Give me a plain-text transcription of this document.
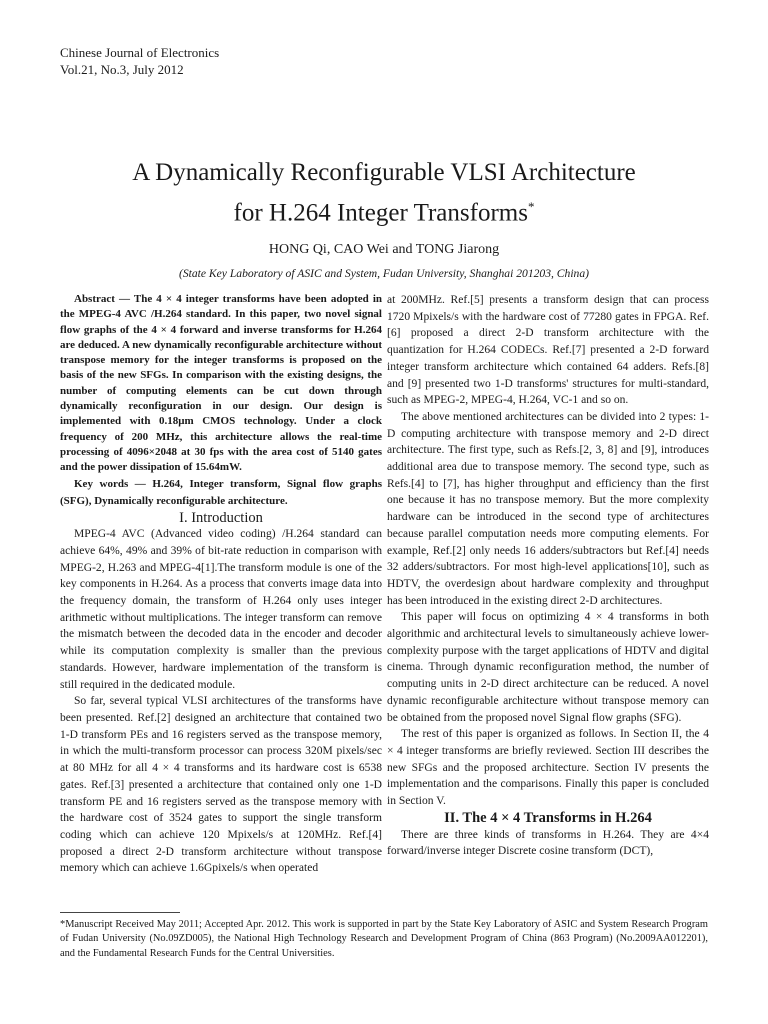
Chinese Journal of Electronics
Vol.21, No.3, July 2012
A Dynamically Reconfigurable VLSI Architecture
for H.264 Integer Transforms*
HONG Qi, CAO Wei and TONG Jiarong
(State Key Laboratory of ASIC and System, Fudan University, Shanghai 201203, China)

Abstract — The 4 × 4 integer transforms have been adopted in the MPEG-4 AVC /H.264 standard. In this paper, two novel signal flow graphs of the 4 × 4 forward and inverse transforms for H.264 are deduced. A new dynamically reconfigurable architecture without transpose memory for the integer transforms is proposed on the basis of the new SFGs. In comparison with the existing designs, the number of computing elements can be cut down through dynamically reconfiguration in our design. Our design is implemented with 0.18μm CMOS technology. Under a clock frequency of 200 MHz, this architecture allows the real-time processing of 4096×2048 at 30 fps with the area cost of 5140 gates and the power dissipation of 15.64mW.

Key words — H.264, Integer transform, Signal flow graphs (SFG), Dynamically reconfigurable architecture.

I. Introduction

MPEG-4 AVC (Advanced video coding) /H.264 standard can achieve 64%, 49% and 39% of bit-rate reduction in comparison with MPEG-2, H.263 and MPEG-4[1].The transform module is one of the key components in H.264. As a process that converts image data into the frequency domain, the transform of H.264 only uses integer arithmetic without multiplications. The integer transform can remove the mismatch between the decoded data in the encoder and decoder while its computation complexity is smaller than the previous standards. However, hardware implementation of the transform is still required in the dedicated module.

So far, several typical VLSI architectures of the transforms have been presented. Ref.[2] designed an architecture that contained two 1-D transform PEs and 16 registers served as the transpose memory, in which the multi-transform processor can process 320M pixels/sec at 80 MHz for all 4 × 4 transforms and its hardware cost is 6538 gates. Ref.[3] presented a architecture that contained only one 1-D transform PE and 16 registers served as the transpose memory with the hardware cost of 3524 gates to support the single transform coding which can achieve 120 Mpixels/s at 120MHz. Ref.[4] proposed a direct 2-D transform architecture without transpose memory which can achieve 1.6Gpixels/s when operated

at 200MHz. Ref.[5] presents a transform design that can process 1720 Mpixels/s with the hardware cost of 77280 gates in FPGA. Ref.[6] proposed a direct 2-D transform architecture with the quantization for H.264 CODECs. Ref.[7] presented a 2-D forward integer transform architecture which contained 64 adders. Refs.[8] and [9] presented two 1-D transforms' structures for multi-standard, such as MPEG-2, MPEG-4, H.264, VC-1 and so on.

The above mentioned architectures can be divided into 2 types: 1-D computing architecture with transpose memory and 2-D direct architecture. The first type, such as Refs.[2, 3, 8] and [9], introduces additional area due to transpose memory. The second type, such as Refs.[4] to [7], has higher throughput and efficiency than the first one because it has no transpose memory. But the more complexity hardware can be introduced in the second type of architectures because parallel computation needs more computing elements. For example, Ref.[2] only needs 16 adders/subtractors but Ref.[4] needs 32 adders/subtractors. For most high-level applications[10], such as HDTV, the overdesign about hardware complexity and throughput has been introduced in the existing direct 2-D architectures.

This paper will focus on optimizing 4 × 4 transforms in both algorithmic and architectural levels to simultaneously achieve lower-complexity purpose with the target applications of HDTV and digital cinema. Through dynamic reconfiguration method, the number of computing units in 2-D direct architecture can be reduced. A novel dynamic reconfigurable architecture without transpose memory can be obtained from the proposed novel Signal flow graphs (SFG).

The rest of this paper is organized as follows. In Section II, the 4 × 4 integer transforms are briefly reviewed. Section III describes the new SFGs and the proposed architecture. Section IV presents the implementation and the comparisons. Finally this paper is concluded in Section V.

II. The 4 × 4 Transforms in H.264

There are three kinds of transforms in H.264. They are 4×4 forward/inverse integer Discrete cosine transform (DCT),

*Manuscript Received May 2011; Accepted Apr. 2012. This work is supported in part by the State Key Laboratory of ASIC and System Research Program of Fudan University (No.09ZD005), the National High Technology Research and Development Program of China (863 Program) (No.2009AA012201), and the Fundamental Research Funds for the Central Universities.
